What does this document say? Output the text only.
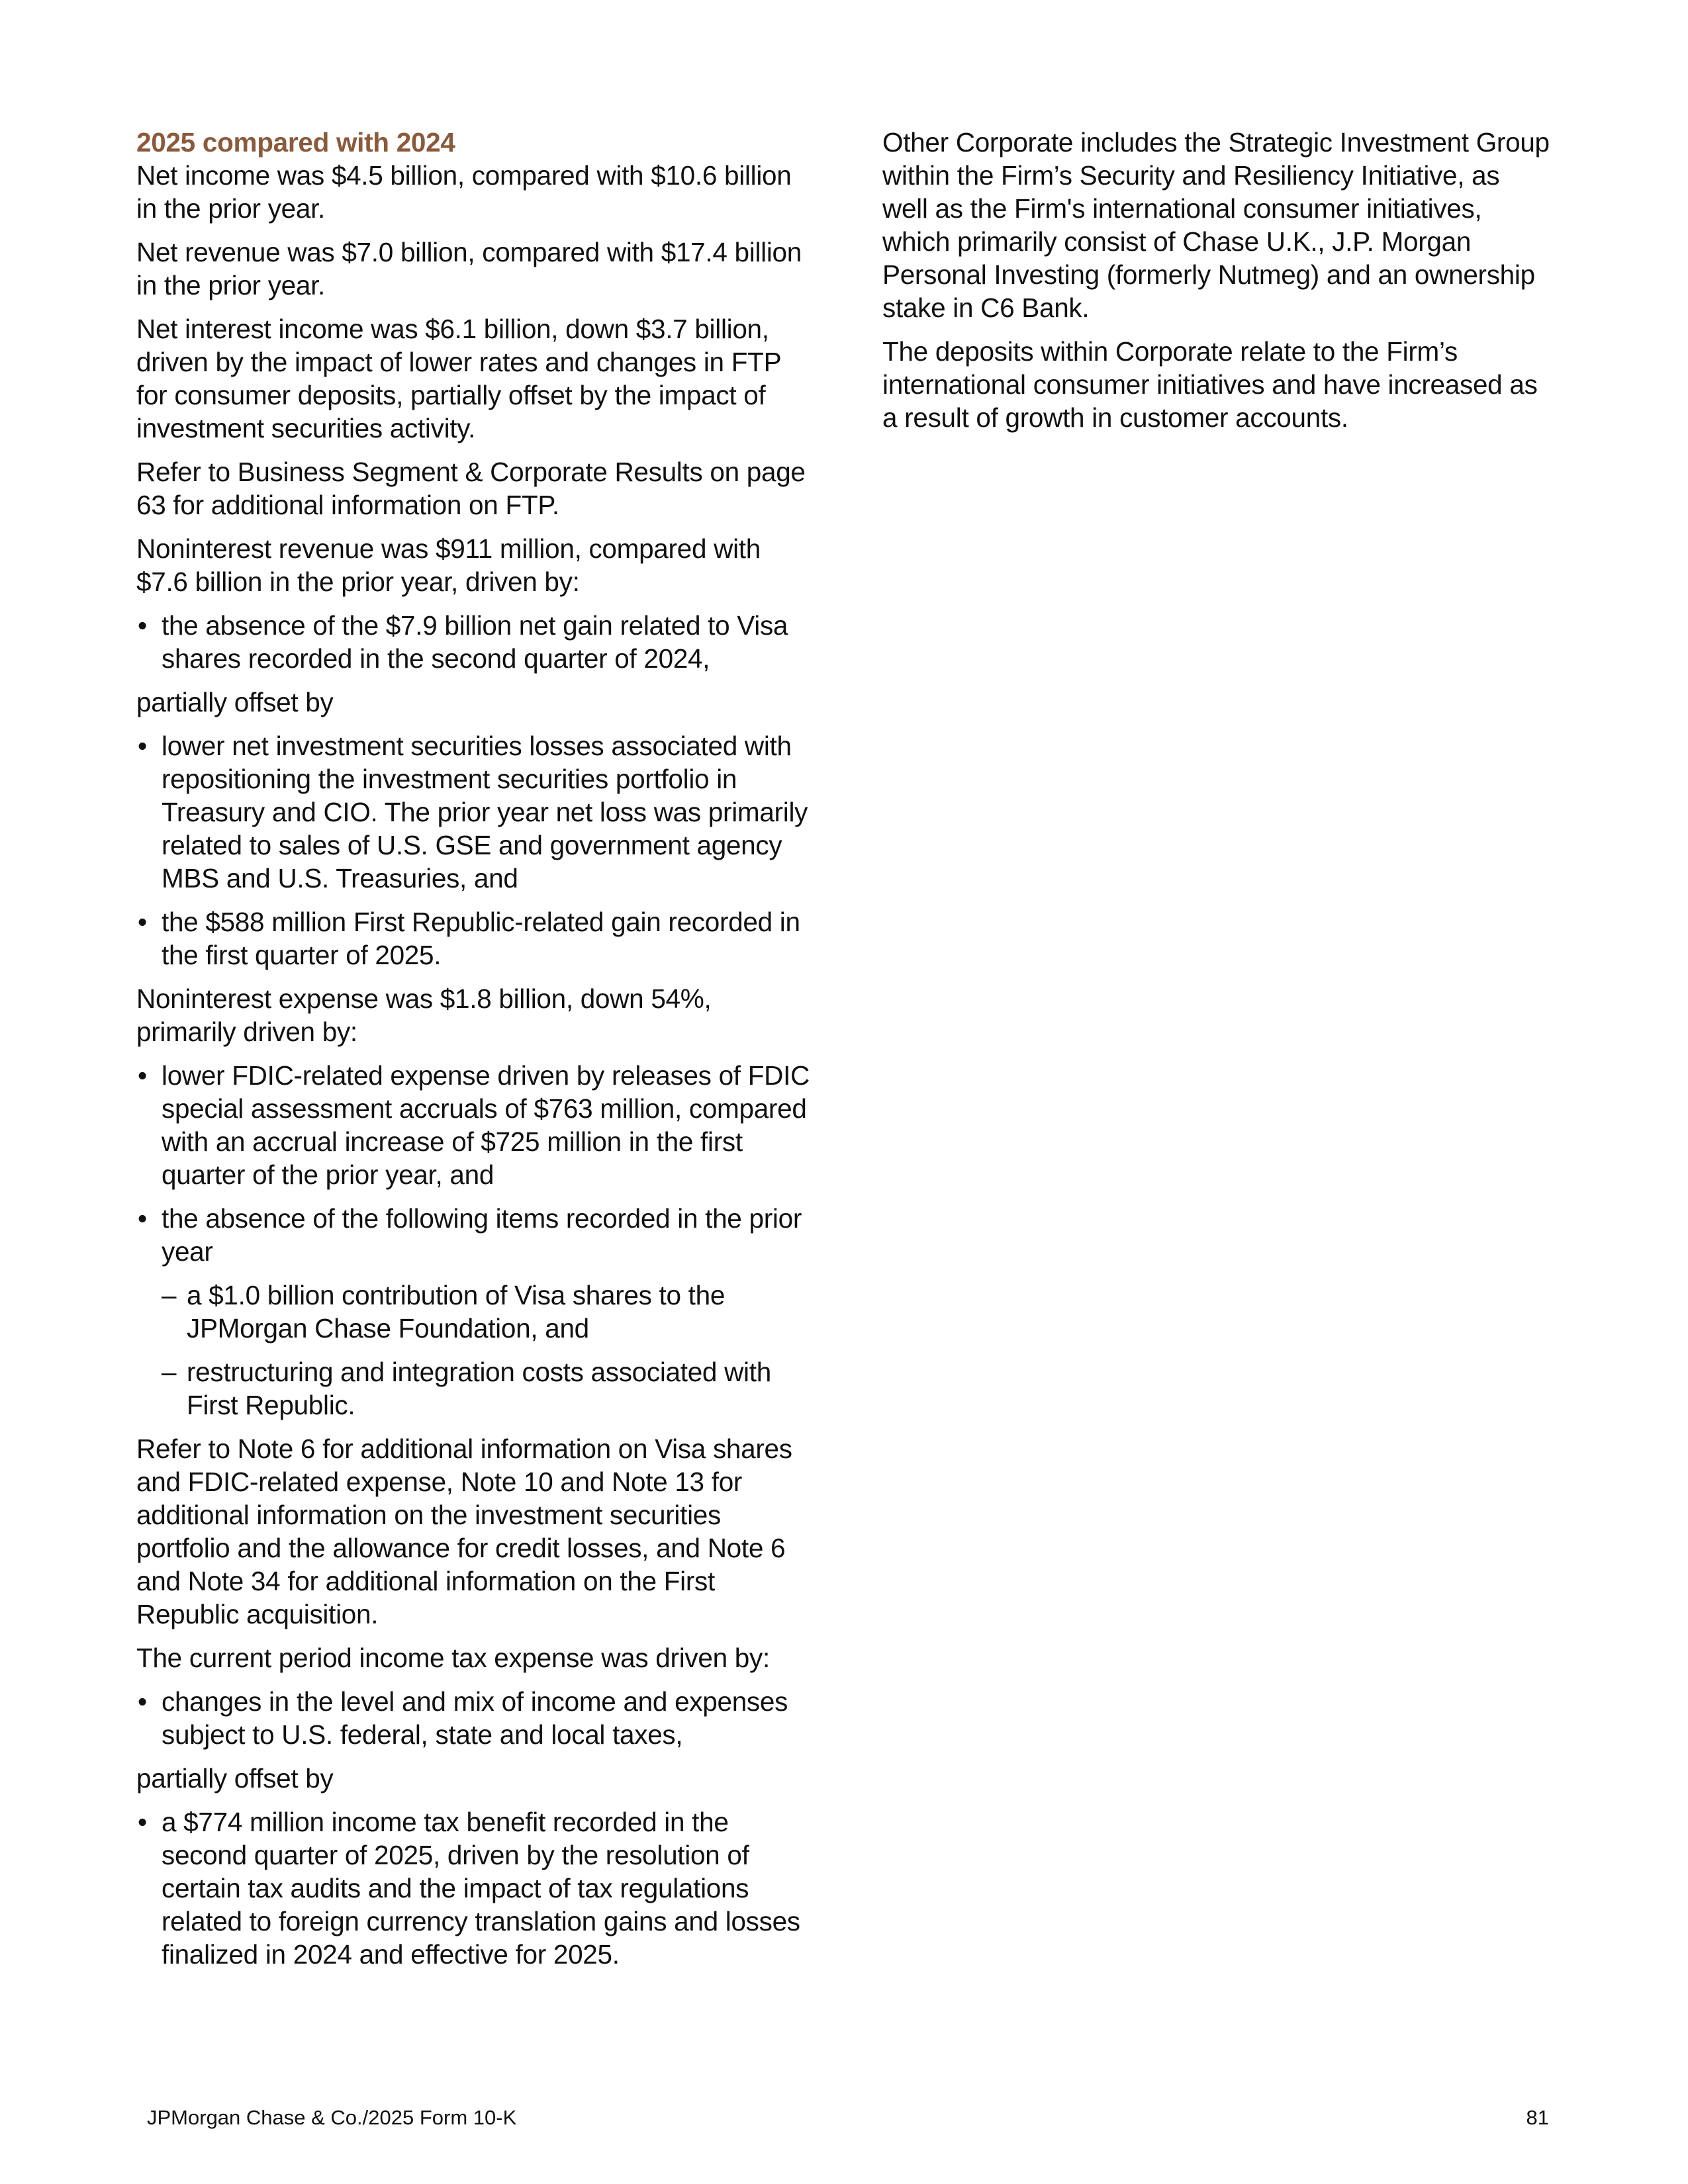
2025 compared with 2024

Net income was $4.5 billion, compared with $10.6 billion in the prior year.

Net revenue was $7.0 billion, compared with $17.4 billion in the prior year.

Net interest income was $6.1 billion, down $3.7 billion, driven by the impact of lower rates and changes in FTP for consumer deposits, partially offset by the impact of investment securities activity.

Refer to Business Segment & Corporate Results on page 63 for additional information on FTP.

Noninterest revenue was $911 million, compared with $7.6 billion in the prior year, driven by:

• the absence of the $7.9 billion net gain related to Visa shares recorded in the second quarter of 2024,

partially offset by

• lower net investment securities losses associated with repositioning the investment securities portfolio in Treasury and CIO. The prior year net loss was primarily related to sales of U.S. GSE and government agency MBS and U.S. Treasuries, and
• the $588 million First Republic-related gain recorded in the first quarter of 2025.

Noninterest expense was $1.8 billion, down 54%, primarily driven by:

• lower FDIC-related expense driven by releases of FDIC special assessment accruals of $763 million, compared with an accrual increase of $725 million in the first quarter of the prior year, and
• the absence of the following items recorded in the prior year
– a $1.0 billion contribution of Visa shares to the JPMorgan Chase Foundation, and
– restructuring and integration costs associated with First Republic.

Refer to Note 6 for additional information on Visa shares and FDIC-related expense, Note 10 and Note 13 for additional information on the investment securities portfolio and the allowance for credit losses, and Note 6 and Note 34 for additional information on the First Republic acquisition.

The current period income tax expense was driven by:

• changes in the level and mix of income and expenses subject to U.S. federal, state and local taxes,

partially offset by

• a $774 million income tax benefit recorded in the second quarter of 2025, driven by the resolution of certain tax audits and the impact of tax regulations related to foreign currency translation gains and losses finalized in 2024 and effective for 2025.

Other Corporate includes the Strategic Investment Group within the Firm’s Security and Resiliency Initiative, as well as the Firm's international consumer initiatives, which primarily consist of Chase U.K., J.P. Morgan Personal Investing (formerly Nutmeg) and an ownership stake in C6 Bank.

The deposits within Corporate relate to the Firm’s international consumer initiatives and have increased as a result of growth in customer accounts.

JPMorgan Chase & Co./2025 Form 10-K	81
